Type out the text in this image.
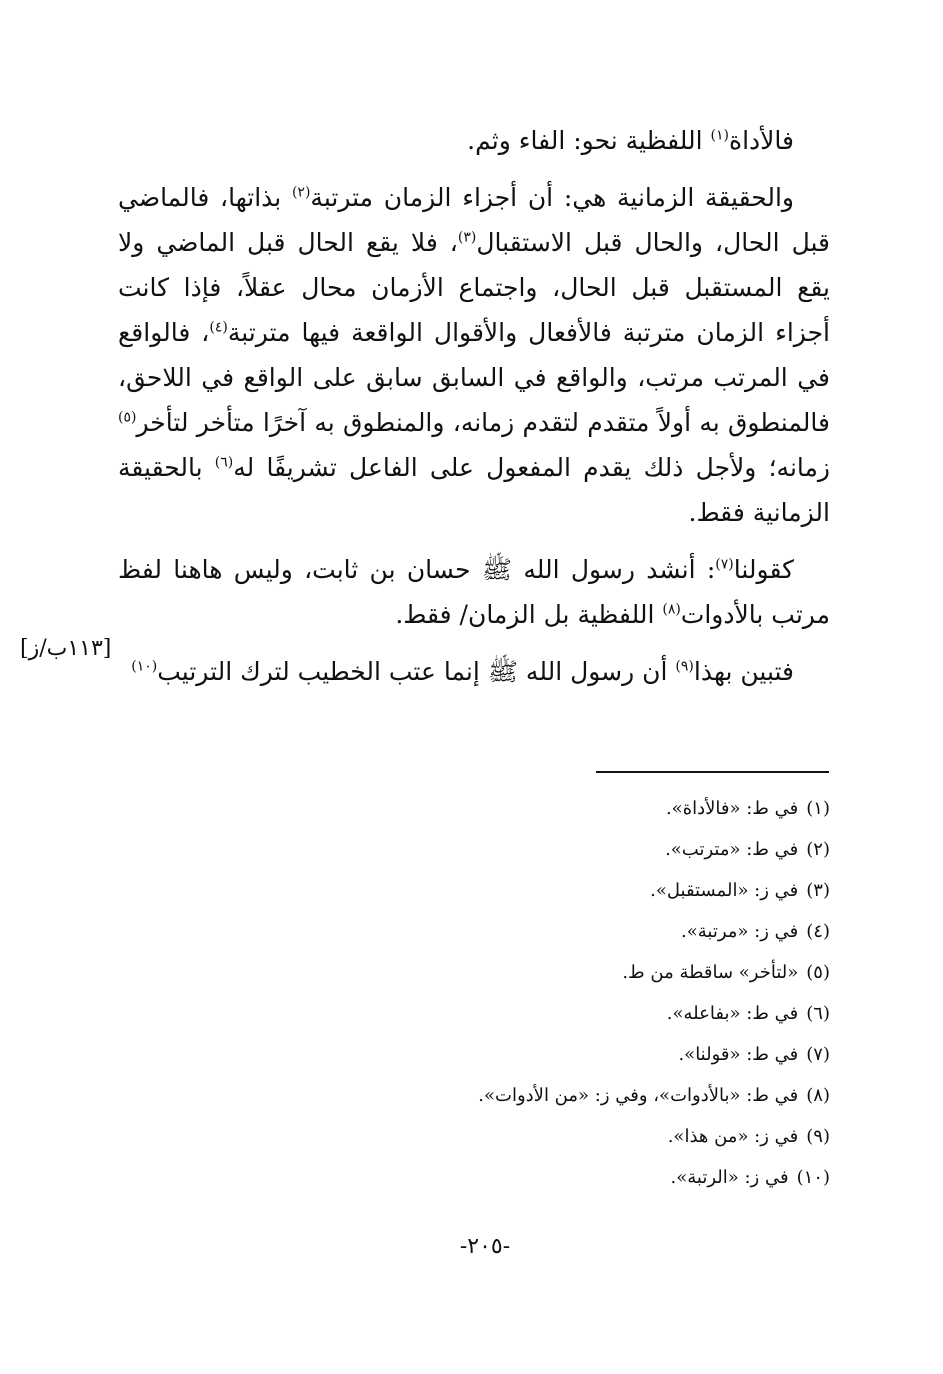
فالأداة$^{(١)}$ اللفظية نحو: الفاء وثم.

والحقيقة الزمانية هي: أن أجزاء الزمان مترتبة$^{(٢)}$ بذاتها، فالماضي قبل الحال، والحال قبل الاستقبال$^{(٣)}$، فلا يقع الحال قبل الماضي ولا يقع المستقبل قبل الحال، واجتماع الأزمان محال عقلاً، فإذا كانت أجزاء الزمان مترتبة فالأفعال والأقوال الواقعة فيها مترتبة$^{(٤)}$، فالواقع في المرتب مرتب، والواقع في السابق سابق على الواقع في اللاحق، فالمنطوق به أولاً متقدم لتقدم زمانه، والمنطوق به آخرًا متأخر لتأخر$^{(٥)}$ زمانه؛ ولأجل ذلك يقدم المفعول على الفاعل تشريفًا له$^{(٦)}$ بالحقيقة الزمانية فقط.

كقولنا$^{(٧)}$: أنشد رسول الله ﷺ حسان بن ثابت، وليس هاهنا لفظ مرتب بالأدوات$^{(٨)}$ اللفظية بل الزمان/ فقط.

فتبين بهذا$^{(٩)}$ أن رسول الله ﷺ إنما عتب الخطيب لترك الترتيب$^{(١٠)}$

[١١٣ب/ز]
(١)في ط: «فالأداة».
(٢)في ط: «مترتب».
(٣)في ز: «المستقبل».
(٤)في ز: «مرتبة».
(٥)«لتأخر» ساقطة من ط.
(٦)في ط: «بفاعله».
(٧)في ط: «قولنا».
(٨)في ط: «بالأدوات»، وفي ز: «من الأدوات».
(٩)في ز: «من هذا».
(١٠)في ز: «الرتبة».
-٢٠٥-
